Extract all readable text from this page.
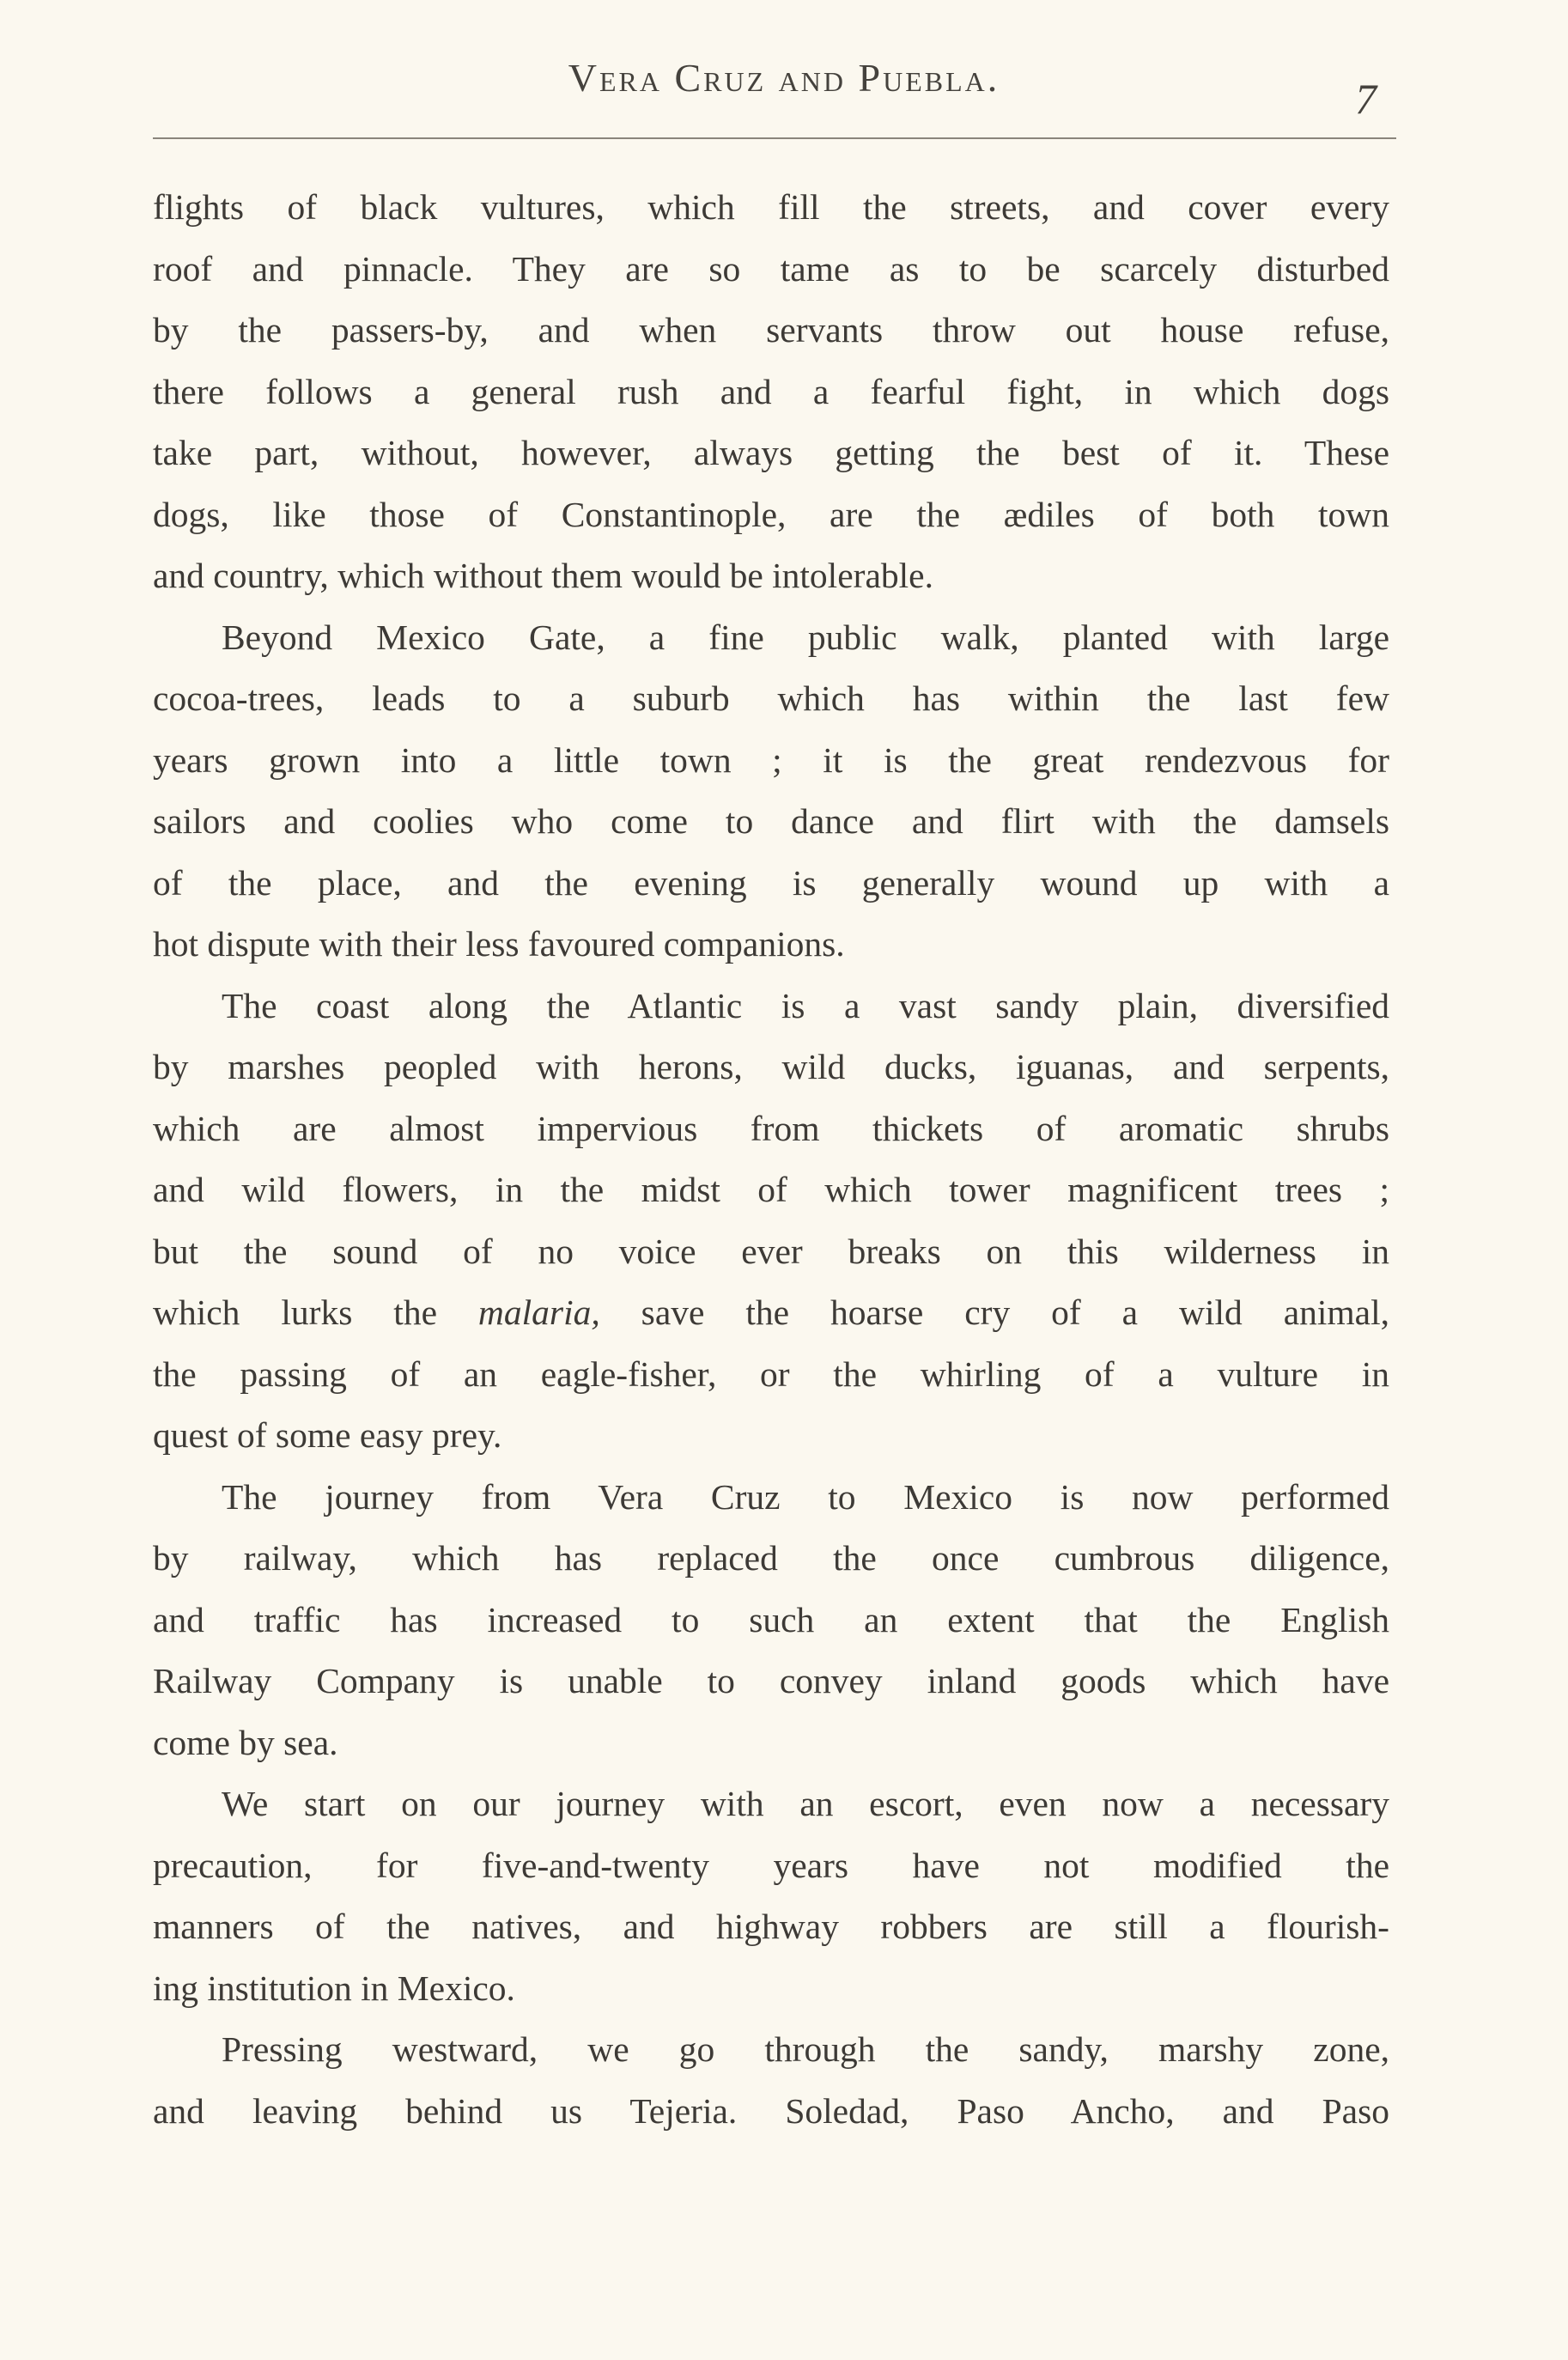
Vera Cruz and Puebla.	7
flights of black vultures, which fill the streets, and cover every
roof and pinnacle. They are so tame as to be scarcely disturbed
by the passers-by, and when servants throw out house refuse,
there follows a general rush and a fearful fight, in which dogs
take part, without, however, always getting the best of it. These
dogs, like those of Constantinople, are the ædiles of both town
and country, which without them would be intolerable.
Beyond Mexico Gate, a fine public walk, planted with large
cocoa-trees, leads to a suburb which has within the last few
years grown into a little town ; it is the great rendezvous for
sailors and coolies who come to dance and flirt with the damsels
of the place, and the evening is generally wound up with a
hot dispute with their less favoured companions.
The coast along the Atlantic is a vast sandy plain, diversified
by marshes peopled with herons, wild ducks, iguanas, and serpents,
which are almost impervious from thickets of aromatic shrubs
and wild flowers, in the midst of which tower magnificent trees ;
but the sound of no voice ever breaks on this wilderness in
which lurks the malaria, save the hoarse cry of a wild animal,
the passing of an eagle-fisher, or the whirling of a vulture in
quest of some easy prey.
The journey from Vera Cruz to Mexico is now performed
by railway, which has replaced the once cumbrous diligence,
and traffic has increased to such an extent that the English
Railway Company is unable to convey inland goods which have
come by sea.
We start on our journey with an escort, even now a necessary
precaution, for five-and-twenty years have not modified the
manners of the natives, and highway robbers are still a flourish-
ing institution in Mexico.
Pressing westward, we go through the sandy, marshy zone,
and leaving behind us Tejeria. Soledad, Paso Ancho, and Paso
